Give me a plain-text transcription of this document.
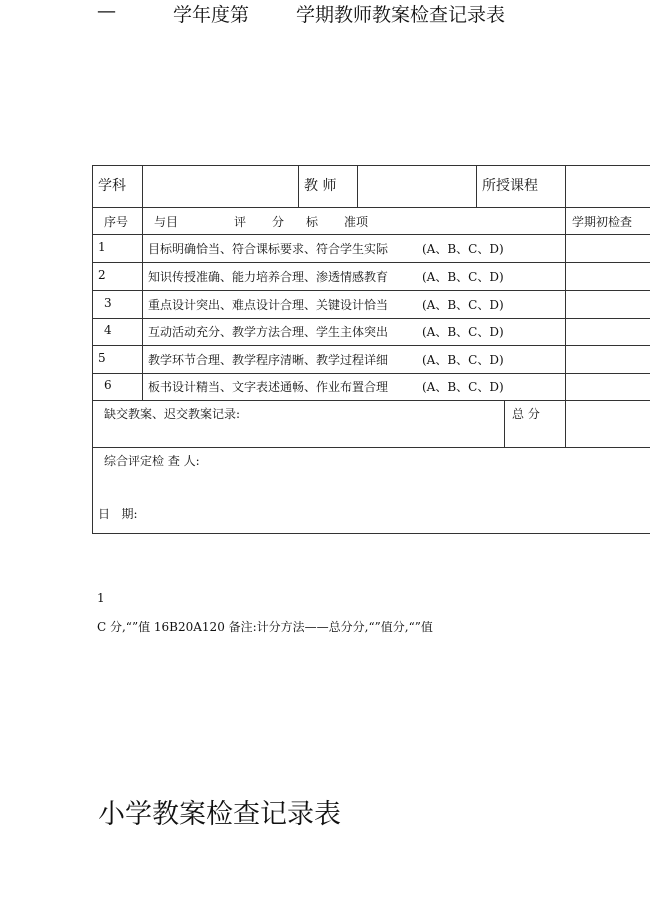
—	学年度第 学期教师教案检查记录表
学科	教 师	所授课程
序号 与目	评 分 标 准项	学期初检查
1	目标明确恰当、符合课标要求、符合学生实际	(A、B、C、D)
2	知识传授准确、能力培养合理、渗透情感教育	(A、B、C、D)
3	重点设计突出、难点设计合理、关键设计恰当	(A、B、C、D)
4	互动活动充分、教学方法合理、学生主体突出	(A、B、C、D)
5	教学环节合理、教学程序清晰、教学过程详细	(A、B、C、D)
6	板书设计精当、文字表述通畅、作业布置合理	(A、B、C、D)
缺交教案、迟交教案记录:	总 分
综合评定检 查 人:
日   期:
1
C 分,“”值 16B20A120 备注:计分方法——总分分,“”值分,“”值
小学教案检查记录表
